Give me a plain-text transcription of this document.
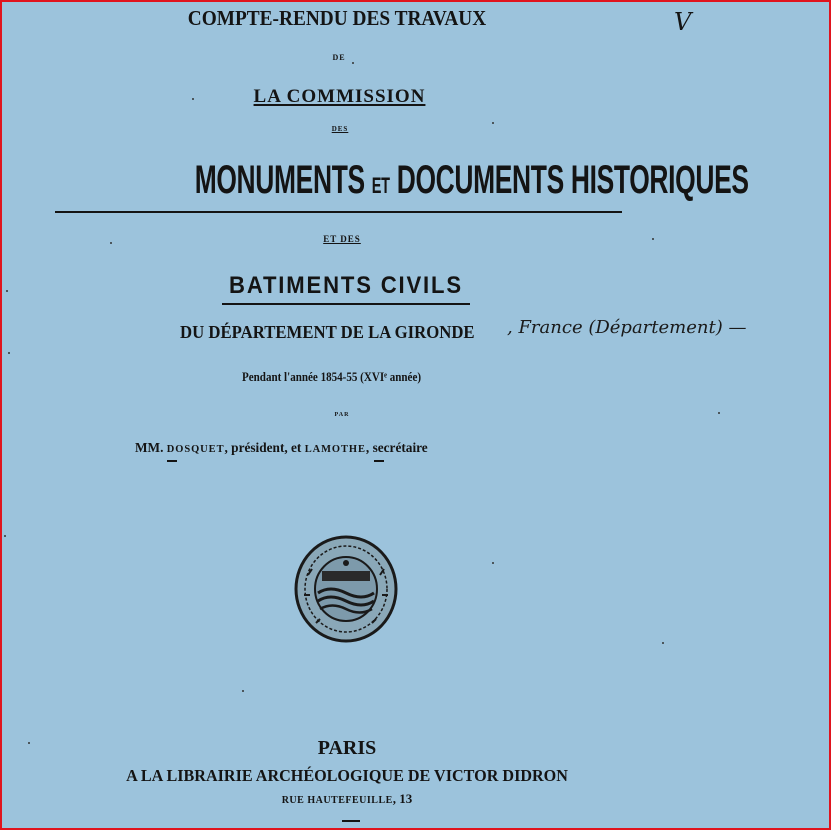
V
COMPTE-RENDU DES TRAVAUX
DE
LA COMMISSION
DES
MONUMENTS ET DOCUMENTS HISTORIQUES
ET DES
BATIMENTS CIVILS
DU DÉPARTEMENT DE LA GIRONDE	, France (Département) —
Pendant l'année 1854-55 (XVIᵉ année)
PAR
MM. DOSQUET, président, et LAMOTHE, secrétaire
PARIS
A LA LIBRAIRIE ARCHÉOLOGIQUE DE VICTOR DIDRON
RUE HAUTEFEUILLE, 13
